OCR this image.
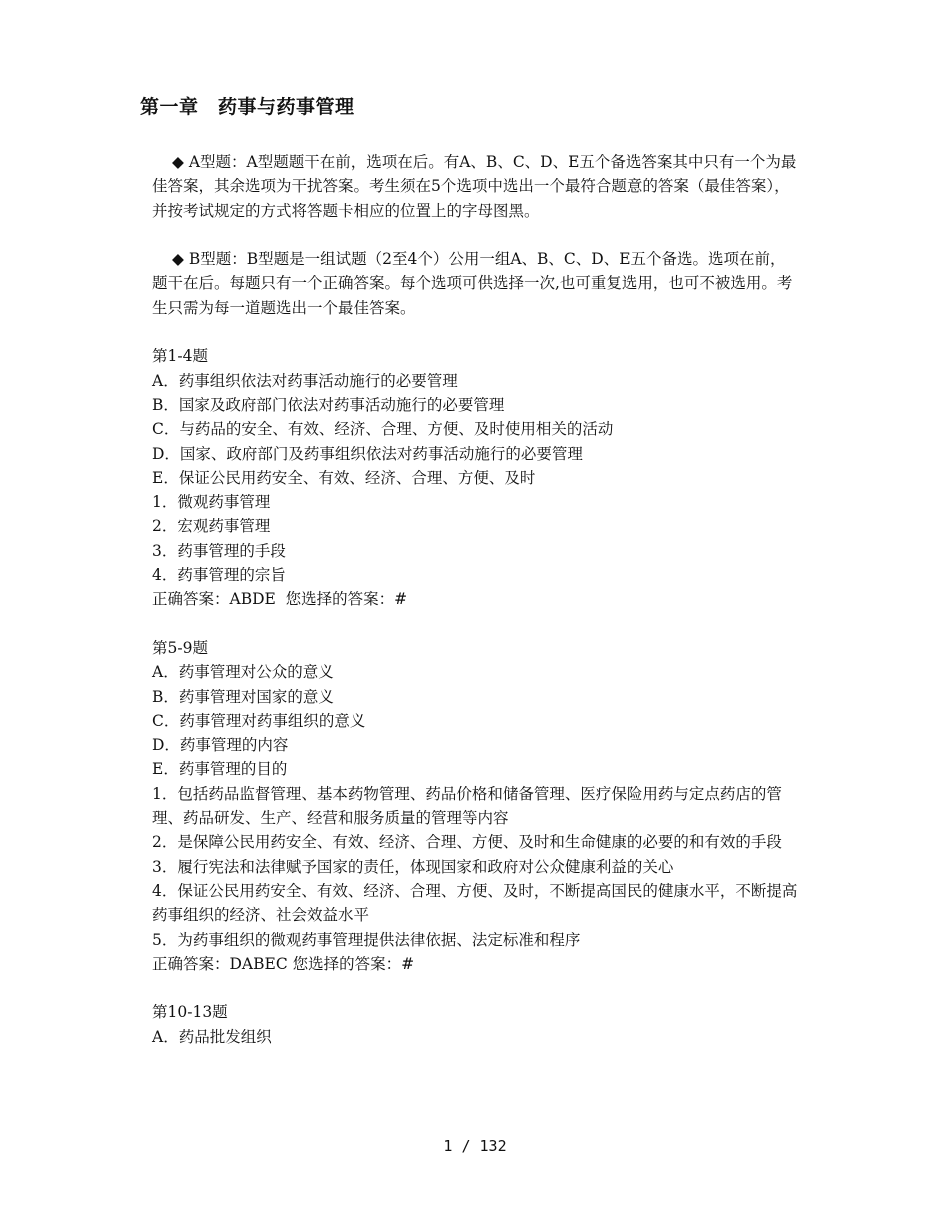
第一章　药事与药事管理

◆ A型题：A型题题干在前，选项在后。有A、B、C、D、E五个备选答案其中只有一个为最佳答案，其余选项为干扰答案。考生须在5个选项中选出一个最符合题意的答案（最佳答案），并按考试规定的方式将答题卡相应的位置上的字母图黑。

◆ B型题：B型题是一组试题（2至4个）公用一组A、B、C、D、E五个备选。选项在前，题干在后。每题只有一个正确答案。每个选项可供选择一次,也可重复选用，也可不被选用。考生只需为每一道题选出一个最佳答案。

第1-4题

A．药事组织依法对药事活动施行的必要管理

B．国家及政府部门依法对药事活动施行的必要管理

C．与药品的安全、有效、经济、合理、方便、及时使用相关的活动

D．国家、政府部门及药事组织依法对药事活动施行的必要管理

E．保证公民用药安全、有效、经济、合理、方便、及时

1．微观药事管理

2．宏观药事管理

3．药事管理的手段

4．药事管理的宗旨

正确答案：ABDE  您选择的答案：#

第5-9题

A．药事管理对公众的意义

B．药事管理对国家的意义

C．药事管理对药事组织的意义

D．药事管理的内容

E．药事管理的目的

1．包括药品监督管理、基本药物管理、药品价格和储备管理、医疗保险用药与定点药店的管理、药品研发、生产、经营和服务质量的管理等内容

2．是保障公民用药安全、有效、经济、合理、方便、及时和生命健康的必要的和有效的手段

3．履行宪法和法律赋予国家的责任，体现国家和政府对公众健康利益的关心

4．保证公民用药安全、有效、经济、合理、方便、及时，不断提高国民的健康水平，不断提高药事组织的经济、社会效益水平

5．为药事组织的微观药事管理提供法律依据、法定标准和程序

正确答案：DABEC 您选择的答案：#

第10-13题

A．药品批发组织

1 / 132
